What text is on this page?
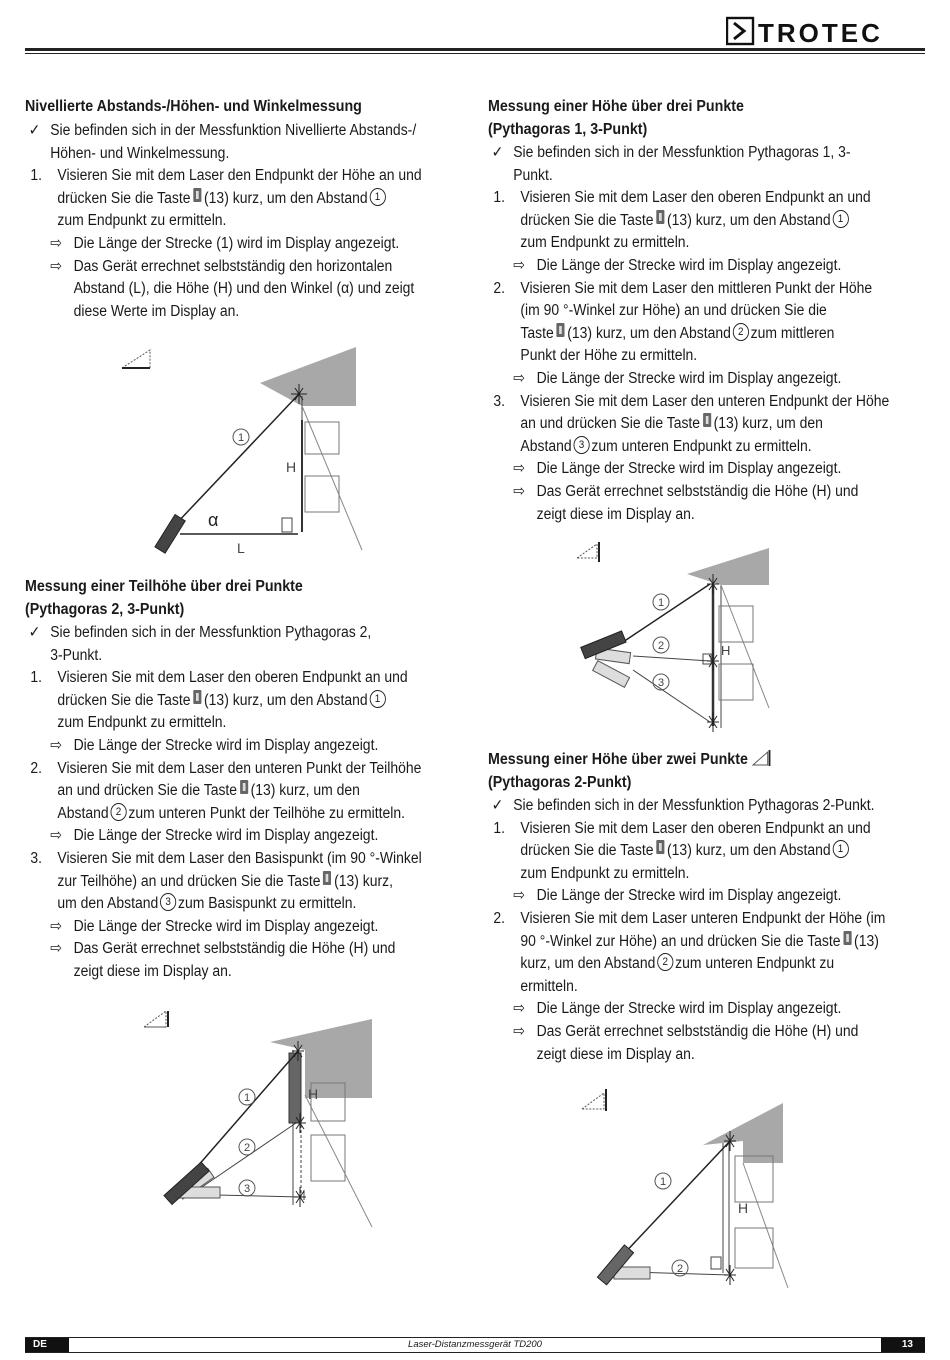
TROTEC
Nivellierte Abstands-/Höhen- und Winkelmessung
✓ Sie befinden sich in der Messfunktion Nivellierte Abstands-/
Höhen- und Winkelmessung.
1. Visieren Sie mit dem Laser den Endpunkt der Höhe an und
drücken Sie die Taste (13) kurz, um den Abstand 1
zum Endpunkt zu ermitteln.
⇨ Die Länge der Strecke (1) wird im Display angezeigt.
⇨ Das Gerät errechnet selbstständig den horizontalen
Abstand (L), die Höhe (H) und den Winkel (α) und zeigt
diese Werte im Display an.
1
H
L
α
Messung einer Teilhöhe über drei Punkte
(Pythagoras 2, 3-Punkt)
✓ Sie befinden sich in der Messfunktion Pythagoras 2,
3-Punkt.
1. Visieren Sie mit dem Laser den oberen Endpunkt an und
drücken Sie die Taste (13) kurz, um den Abstand 1
zum Endpunkt zu ermitteln.
⇨ Die Länge der Strecke wird im Display angezeigt.
2. Visieren Sie mit dem Laser den unteren Punkt der Teilhöhe
an und drücken Sie die Taste (13) kurz, um den
Abstand 2 zum unteren Punkt der Teilhöhe zu ermitteln.
⇨ Die Länge der Strecke wird im Display angezeigt.
3. Visieren Sie mit dem Laser den Basispunkt (im 90 °-Winkel
zur Teilhöhe) an und drücken Sie die Taste (13) kurz,
um den Abstand 3 zum Basispunkt zu ermitteln.
⇨ Die Länge der Strecke wird im Display angezeigt.
⇨ Das Gerät errechnet selbstständig die Höhe (H) und
zeigt diese im Display an.
1
2
3
H
Messung einer Höhe über drei Punkte
(Pythagoras 1, 3-Punkt)
✓ Sie befinden sich in der Messfunktion Pythagoras 1, 3-
Punkt.
1. Visieren Sie mit dem Laser den oberen Endpunkt an und
drücken Sie die Taste (13) kurz, um den Abstand 1
zum Endpunkt zu ermitteln.
⇨ Die Länge der Strecke wird im Display angezeigt.
2. Visieren Sie mit dem Laser den mittleren Punkt der Höhe
(im 90 °-Winkel zur Höhe) an und drücken Sie die
Taste (13) kurz, um den Abstand 2 zum mittleren
Punkt der Höhe zu ermitteln.
⇨ Die Länge der Strecke wird im Display angezeigt.
3. Visieren Sie mit dem Laser den unteren Endpunkt der Höhe
an und drücken Sie die Taste (13) kurz, um den
Abstand 3 zum unteren Endpunkt zu ermitteln.
⇨ Die Länge der Strecke wird im Display angezeigt.
⇨ Das Gerät errechnet selbstständig die Höhe (H) und
zeigt diese im Display an.
1
2
3
H
Messung einer Höhe über zwei Punkte
(Pythagoras 2-Punkt)
✓ Sie befinden sich in der Messfunktion Pythagoras 2-Punkt.
1. Visieren Sie mit dem Laser den oberen Endpunkt an und
drücken Sie die Taste (13) kurz, um den Abstand 1
zum Endpunkt zu ermitteln.
⇨ Die Länge der Strecke wird im Display angezeigt.
2. Visieren Sie mit dem Laser unteren Endpunkt der Höhe (im
90 °-Winkel zur Höhe) an und drücken Sie die Taste (13)
kurz, um den Abstand 2 zum unteren Endpunkt zu
ermitteln.
⇨ Die Länge der Strecke wird im Display angezeigt.
⇨ Das Gerät errechnet selbstständig die Höhe (H) und
zeigt diese im Display an.
1
2
H
DE	Laser-Distanzmessgerät TD200	13
